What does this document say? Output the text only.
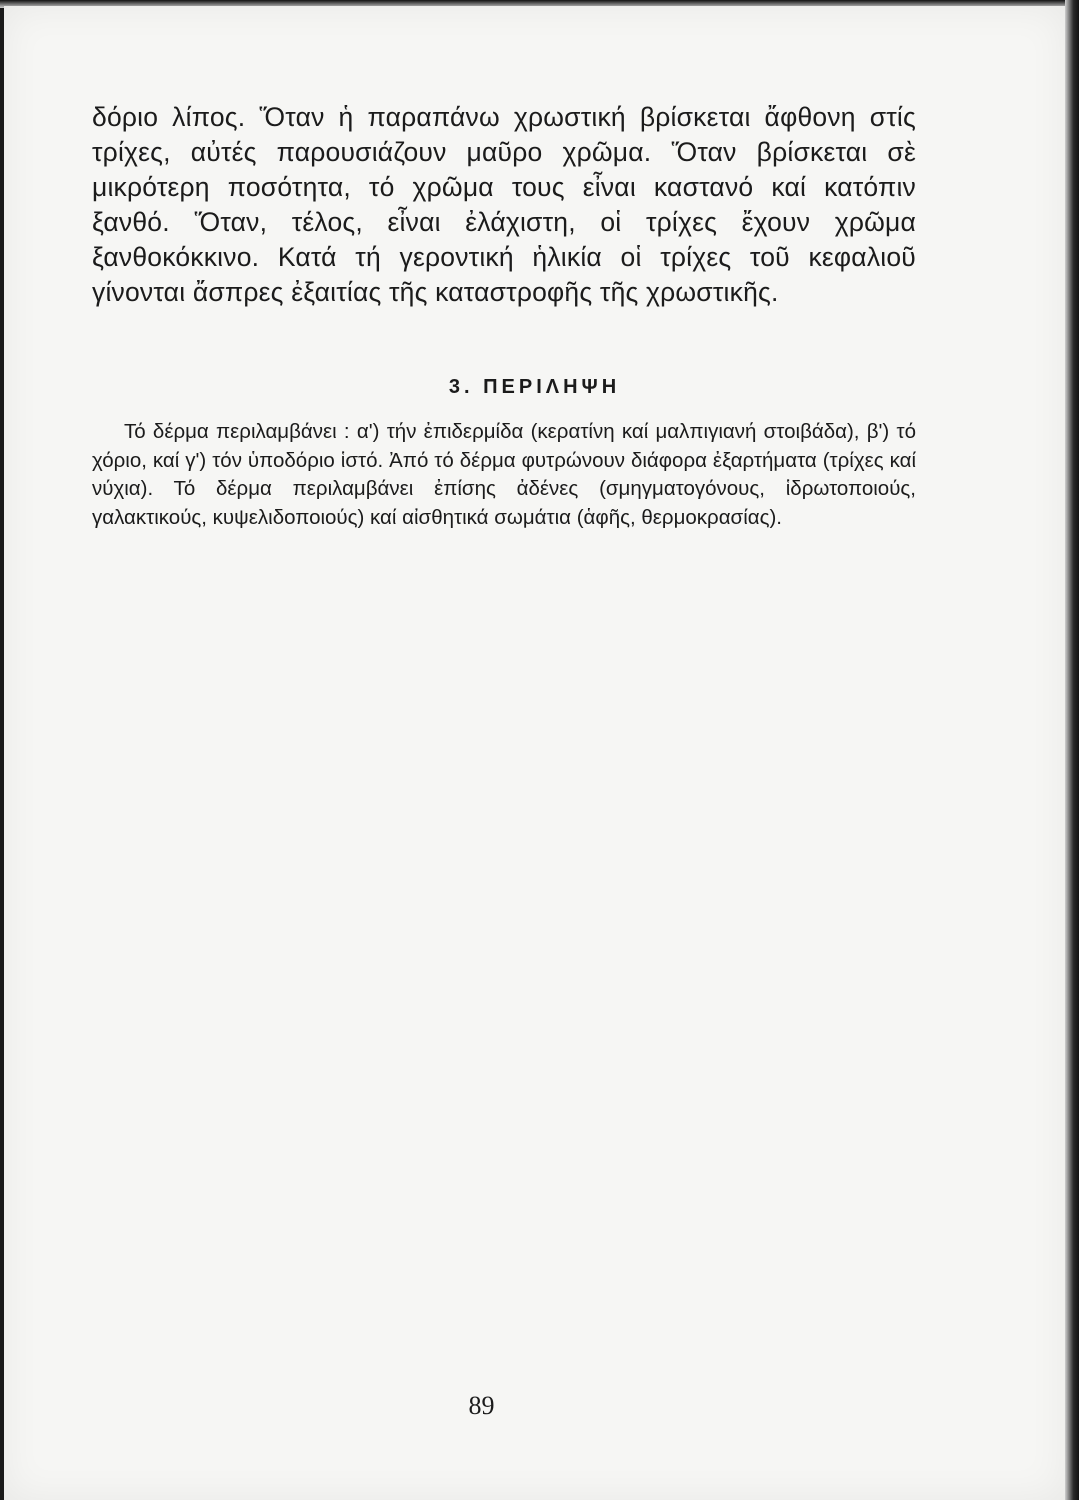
δόριο λίπος. Ὅταν ἡ παραπάνω χρωστική βρίσκεται ἄφθονη στίς τρίχες, αὐτές παρουσιάζουν μαῦρο χρῶμα. Ὅταν βρίσκεται σὲ μικρότερη ποσότητα, τό χρῶμα τους εἶναι καστανό καί κατόπιν ξανθό. Ὅταν, τέλος, εἶναι ἐλάχιστη, οἱ τρίχες ἔχουν χρῶμα ξανθοκόκκινο. Κατά τή γεροντική ἡλικία οἱ τρίχες τοῦ κεφαλιοῦ γίνονται ἄσπρες ἐξαιτίας τῆς καταστροφῆς τῆς χρωστικῆς.
3. ΠΕΡΙΛΗΨΗ
Τό δέρμα περιλαμβάνει : α') τήν ἐπιδερμίδα (κερατίνη καί μαλπιγιανή στοιβάδα), β') τό χόριο, καί γ') τόν ὑποδόριο ἱστό. Ἀπό τό δέρμα φυτρώνουν διάφορα ἐξαρτήματα (τρίχες καί νύχια). Τό δέρμα περιλαμβάνει ἐπίσης ἀδένες (σμηγματογόνους, ἱδρωτοποιούς, γαλακτικούς, κυψελιδοποιούς) καί αἰσθητικά σωμάτια (ἁφῆς, θερμοκρασίας).
89
